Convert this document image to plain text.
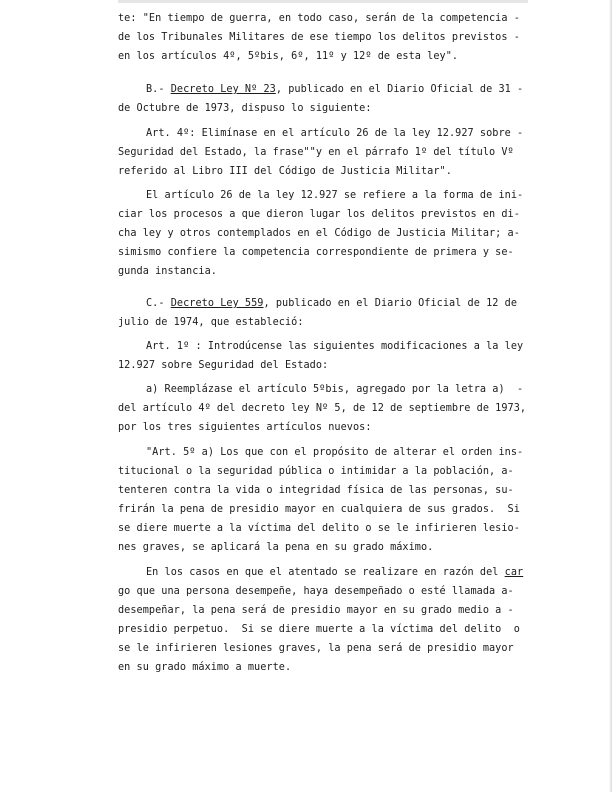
te: "En tiempo de guerra, en todo caso, serán de la competencia -
de los Tribunales Militares de ese tiempo los delitos previstos -
en los artículos 4º, 5ºbis, 6º, 11º y 12º de esta ley".
B.- Decreto Ley Nº 23, publicado en el Diario Oficial de 31 -
de Octubre de 1973, dispuso lo siguiente:
Art. 4º: Elimínase en el artículo 26 de la ley 12.927 sobre -
Seguridad del Estado, la frase""y en el párrafo 1º del título Vº
referido al Libro III del Código de Justicia Militar".
El artículo 26 de la ley 12.927 se refiere a la forma de ini-
ciar los procesos a que dieron lugar los delitos previstos en di-
cha ley y otros contemplados en el Código de Justicia Militar; a-
simismo confiere la competencia correspondiente de primera y se-
gunda instancia.
C.- Decreto Ley 559, publicado en el Diario Oficial de 12 de
julio de 1974, que estableció:
Art. 1º : Introdúcense las siguientes modificaciones a la ley
12.927 sobre Seguridad del Estado:
a) Reemplázase el artículo 5ºbis, agregado por la letra a)  -
del artículo 4º del decreto ley Nº 5, de 12 de septiembre de 1973,
por los tres siguientes artículos nuevos:
"Art. 5º a) Los que con el propósito de alterar el orden ins-
titucional o la seguridad pública o intimidar a la población, a-
tenteren contra la vida o integridad física de las personas, su-
frirán la pena de presidio mayor en cualquiera de sus grados.  Si
se diere muerte a la víctima del delito o se le infirieren lesio-
nes graves, se aplicará la pena en su grado máximo.
En los casos en que el atentado se realizare en razón del car
go que una persona desempeñe, haya desempeñado o esté llamada a-
desempeñar, la pena será de presidio mayor en su grado medio a -
presidio perpetuo.  Si se diere muerte a la víctima del delito  o
se le infirieren lesiones graves, la pena será de presidio mayor
en su grado máximo a muerte.
